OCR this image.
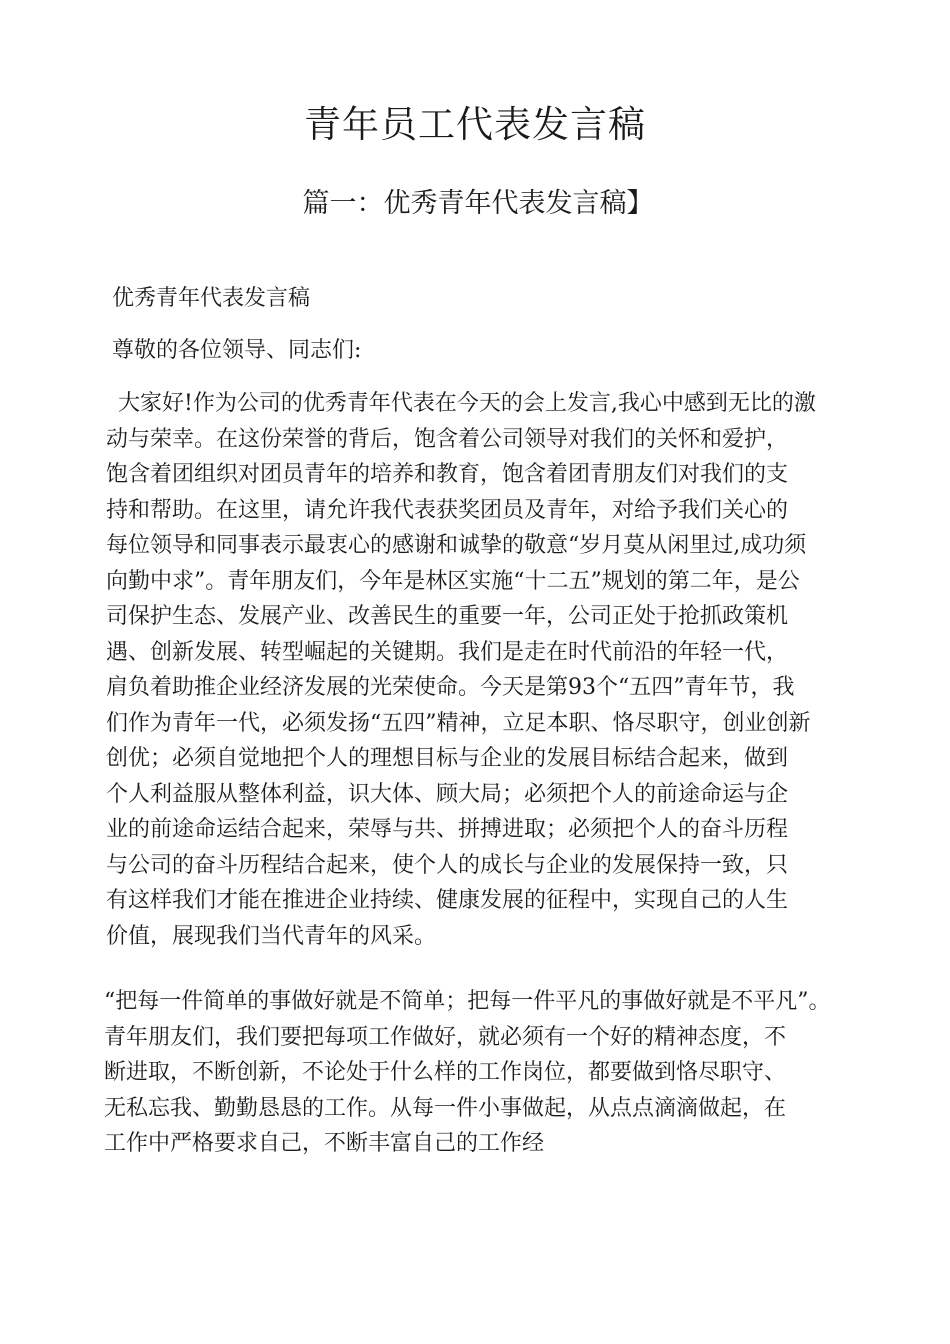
青年员工代表发言稿
篇一：优秀青年代表发言稿】
优秀青年代表发言稿
尊敬的各位领导、同志们:
大家好!作为公司的优秀青年代表在今天的会上发言,我心中感到无比的激
动与荣幸。在这份荣誉的背后，饱含着公司领导对我们的关怀和爱护，
饱含着团组织对团员青年的培养和教育，饱含着团青朋友们对我们的支
持和帮助。在这里，请允许我代表获奖团员及青年，对给予我们关心的
每位领导和同事表示最衷心的感谢和诚挚的敬意“岁月莫从闲里过,成功须
向勤中求”。青年朋友们，今年是林区实施“十二五”规划的第二年，是公
司保护生态、发展产业、改善民生的重要一年，公司正处于抢抓政策机
遇、创新发展、转型崛起的关键期。我们是走在时代前沿的年轻一代，
肩负着助推企业经济发展的光荣使命。今天是第93个“五四”青年节，我
们作为青年一代，必须发扬“五四”精神，立足本职、恪尽职守，创业创新
创优；必须自觉地把个人的理想目标与企业的发展目标结合起来，做到
个人利益服从整体利益，识大体、顾大局；必须把个人的前途命运与企
业的前途命运结合起来，荣辱与共、拼搏进取；必须把个人的奋斗历程
与公司的奋斗历程结合起来，使个人的成长与企业的发展保持一致，只
有这样我们才能在推进企业持续、健康发展的征程中，实现自己的人生
价值，展现我们当代青年的风采。
“把每一件简单的事做好就是不简单；把每一件平凡的事做好就是不平凡”。
青年朋友们，我们要把每项工作做好，就必须有一个好的精神态度，不
断进取，不断创新，不论处于什么样的工作岗位，都要做到恪尽职守、
无私忘我、勤勤恳恳的工作。从每一件小事做起，从点点滴滴做起，在
工作中严格要求自己，不断丰富自己的工作经
